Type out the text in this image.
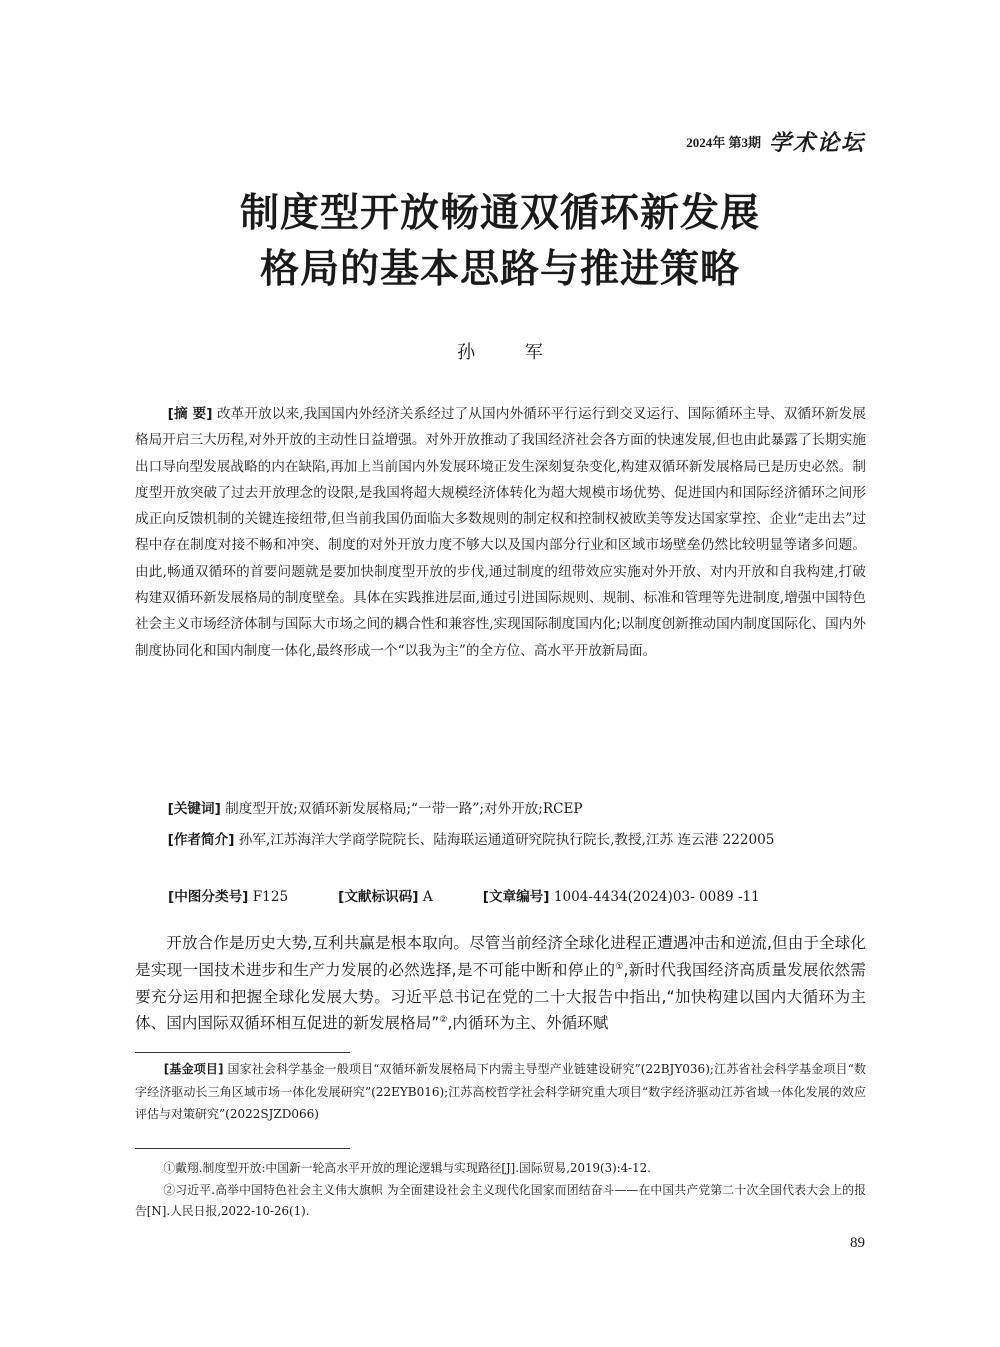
2024年 第3期 学术论坛
制度型开放畅通双循环新发展
格局的基本思路与推进策略
孙 军

[摘 要] 改革开放以来,我国国内外经济关系经过了从国内外循环平行运行到交叉运行、国际循环主导、双循环新发展格局开启三大历程,对外开放的主动性日益增强。对外开放推动了我国经济社会各方面的快速发展,但也由此暴露了长期实施出口导向型发展战略的内在缺陷,再加上当前国内外发展环境正发生深刻复杂变化,构建双循环新发展格局已是历史必然。制度型开放突破了过去开放理念的设限,是我国将超大规模经济体转化为超大规模市场优势、促进国内和国际经济循环之间形成正向反馈机制的关键连接纽带,但当前我国仍面临大多数规则的制定权和控制权被欧美等发达国家掌控、企业“走出去”过程中存在制度对接不畅和冲突、制度的对外开放力度不够大以及国内部分行业和区域市场壁垒仍然比较明显等诸多问题。由此,畅通双循环的首要问题就是要加快制度型开放的步伐,通过制度的纽带效应实施对外开放、对内开放和自我构建,打破构建双循环新发展格局的制度壁垒。具体在实践推进层面,通过引进国际规则、规制、标准和管理等先进制度,增强中国特色社会主义市场经济体制与国际大市场之间的耦合性和兼容性,实现国际制度国内化;以制度创新推动国内制度国际化、国内外制度协同化和国内制度一体化,最终形成一个“以我为主”的全方位、高水平开放新局面。

[关键词] 制度型开放;双循环新发展格局;“一带一路”;对外开放;RCEP

[作者简介] 孙军,江苏海洋大学商学院院长、陆海联运通道研究院执行院长,教授,江苏 连云港 222005

[中图分类号] F125	[文献标识码] A	[文章编号] 1004-4434(2024)03- 0089 -11

开放合作是历史大势,互利共赢是根本取向。尽管当前经济全球化进程正遭遇冲击和逆流,但由于全球化是实现一国技术进步和生产力发展的必然选择,是不可能中断和停止的①,新时代我国经济高质量发展依然需要充分运用和把握全球化发展大势。习近平总书记在党的二十大报告中指出,“加快构建以国内大循环为主体、国内国际双循环相互促进的新发展格局”②,内循环为主、外循环赋

[基金项目] 国家社会科学基金一般项目“双循环新发展格局下内需主导型产业链建设研究”(22BJY036);江苏省社会科学基金项目“数字经济驱动长三角区域市场一体化发展研究”(22EYB016);江苏高校哲学社会科学研究重大项目“数字经济驱动江苏省域一体化发展的效应评估与对策研究”(2022SJZD066)

①戴翔.制度型开放:中国新一轮高水平开放的理论逻辑与实现路径[J].国际贸易,2019(3):4-12.

②习近平.高举中国特色社会主义伟大旗帜 为全面建设社会主义现代化国家而团结奋斗——在中国共产党第二十次全国代表大会上的报告[N].人民日报,2022-10-26(1).

89
